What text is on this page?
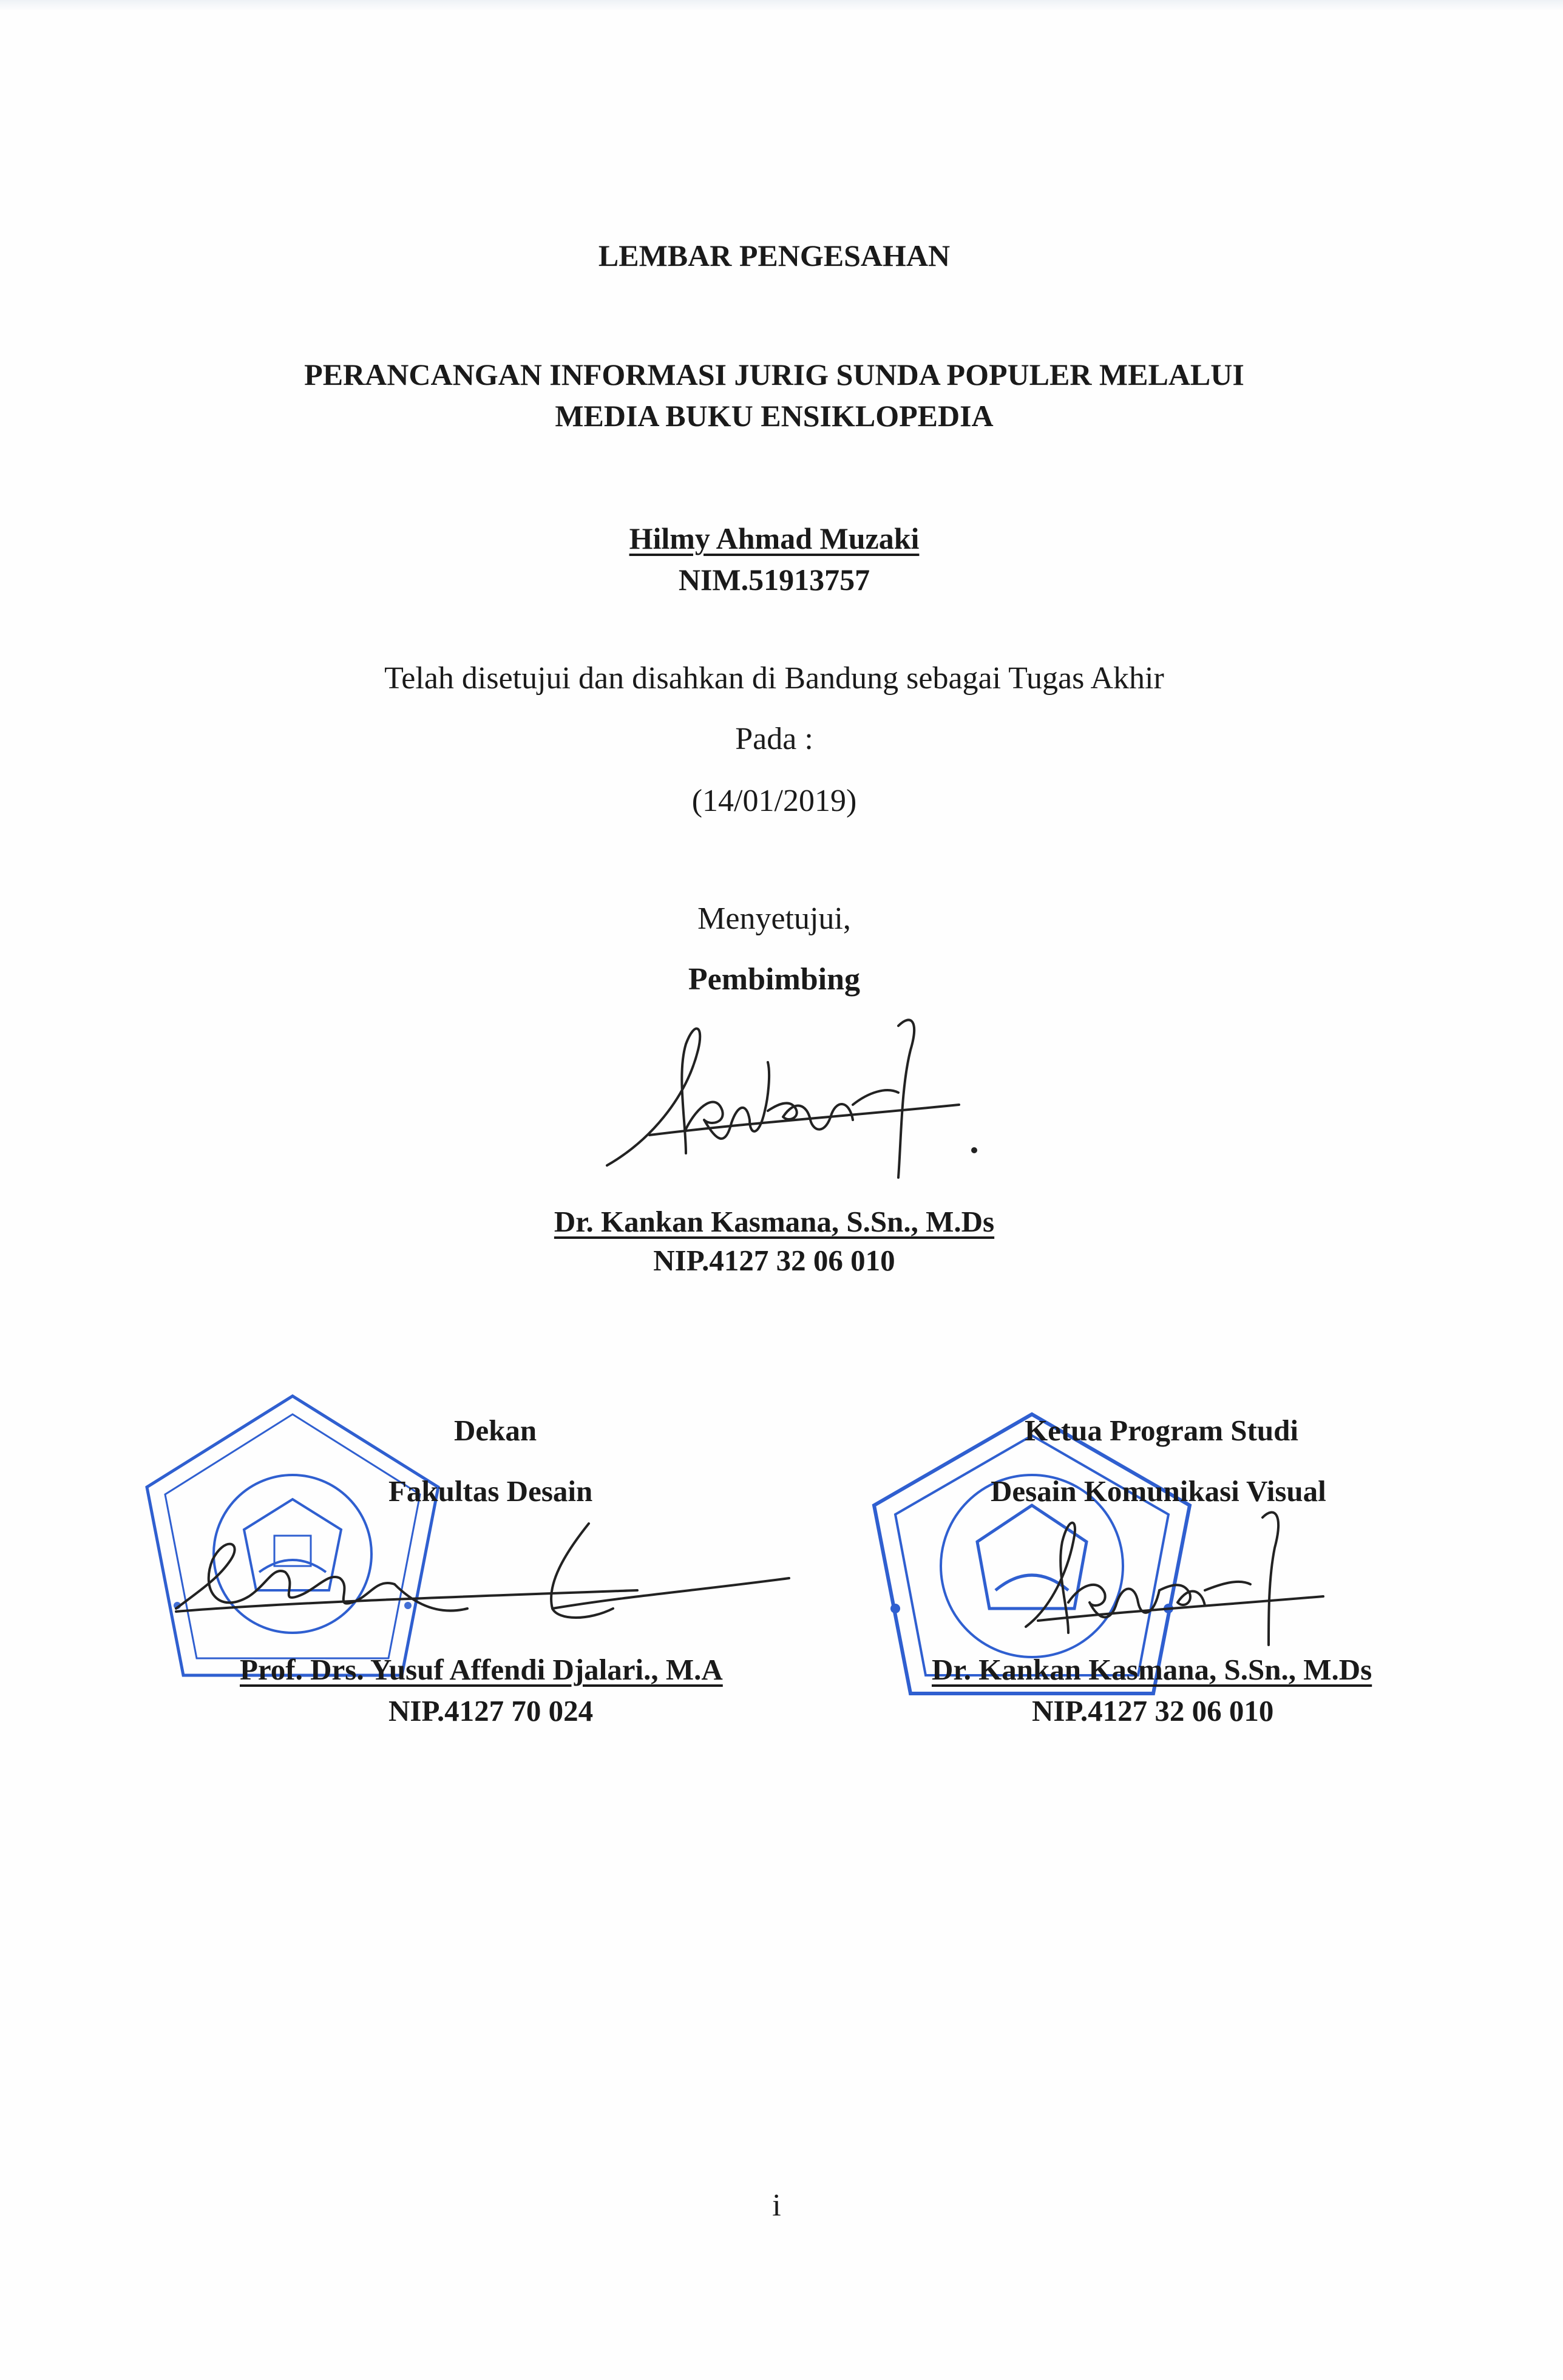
LEMBAR PENGESAHAN
PERANCANGAN INFORMASI JURIG SUNDA POPULER MELALUI
MEDIA BUKU ENSIKLOPEDIA
Hilmy Ahmad Muzaki
NIM.51913757
Telah disetujui dan disahkan di Bandung sebagai Tugas Akhir
Pada :
(14/01/2019)
Menyetujui,
Pembimbing
Dr. Kankan Kasmana, S.Sn., M.Ds
NIP.4127 32 06 010
Dekan
Fakultas Desain
Prof. Drs. Yusuf Affendi Djalari., M.A
NIP.4127 70 024
Ketua Program Studi
Desain Komunikasi Visual
Dr. Kankan Kasmana, S.Sn., M.Ds
NIP.4127 32 06 010
i
